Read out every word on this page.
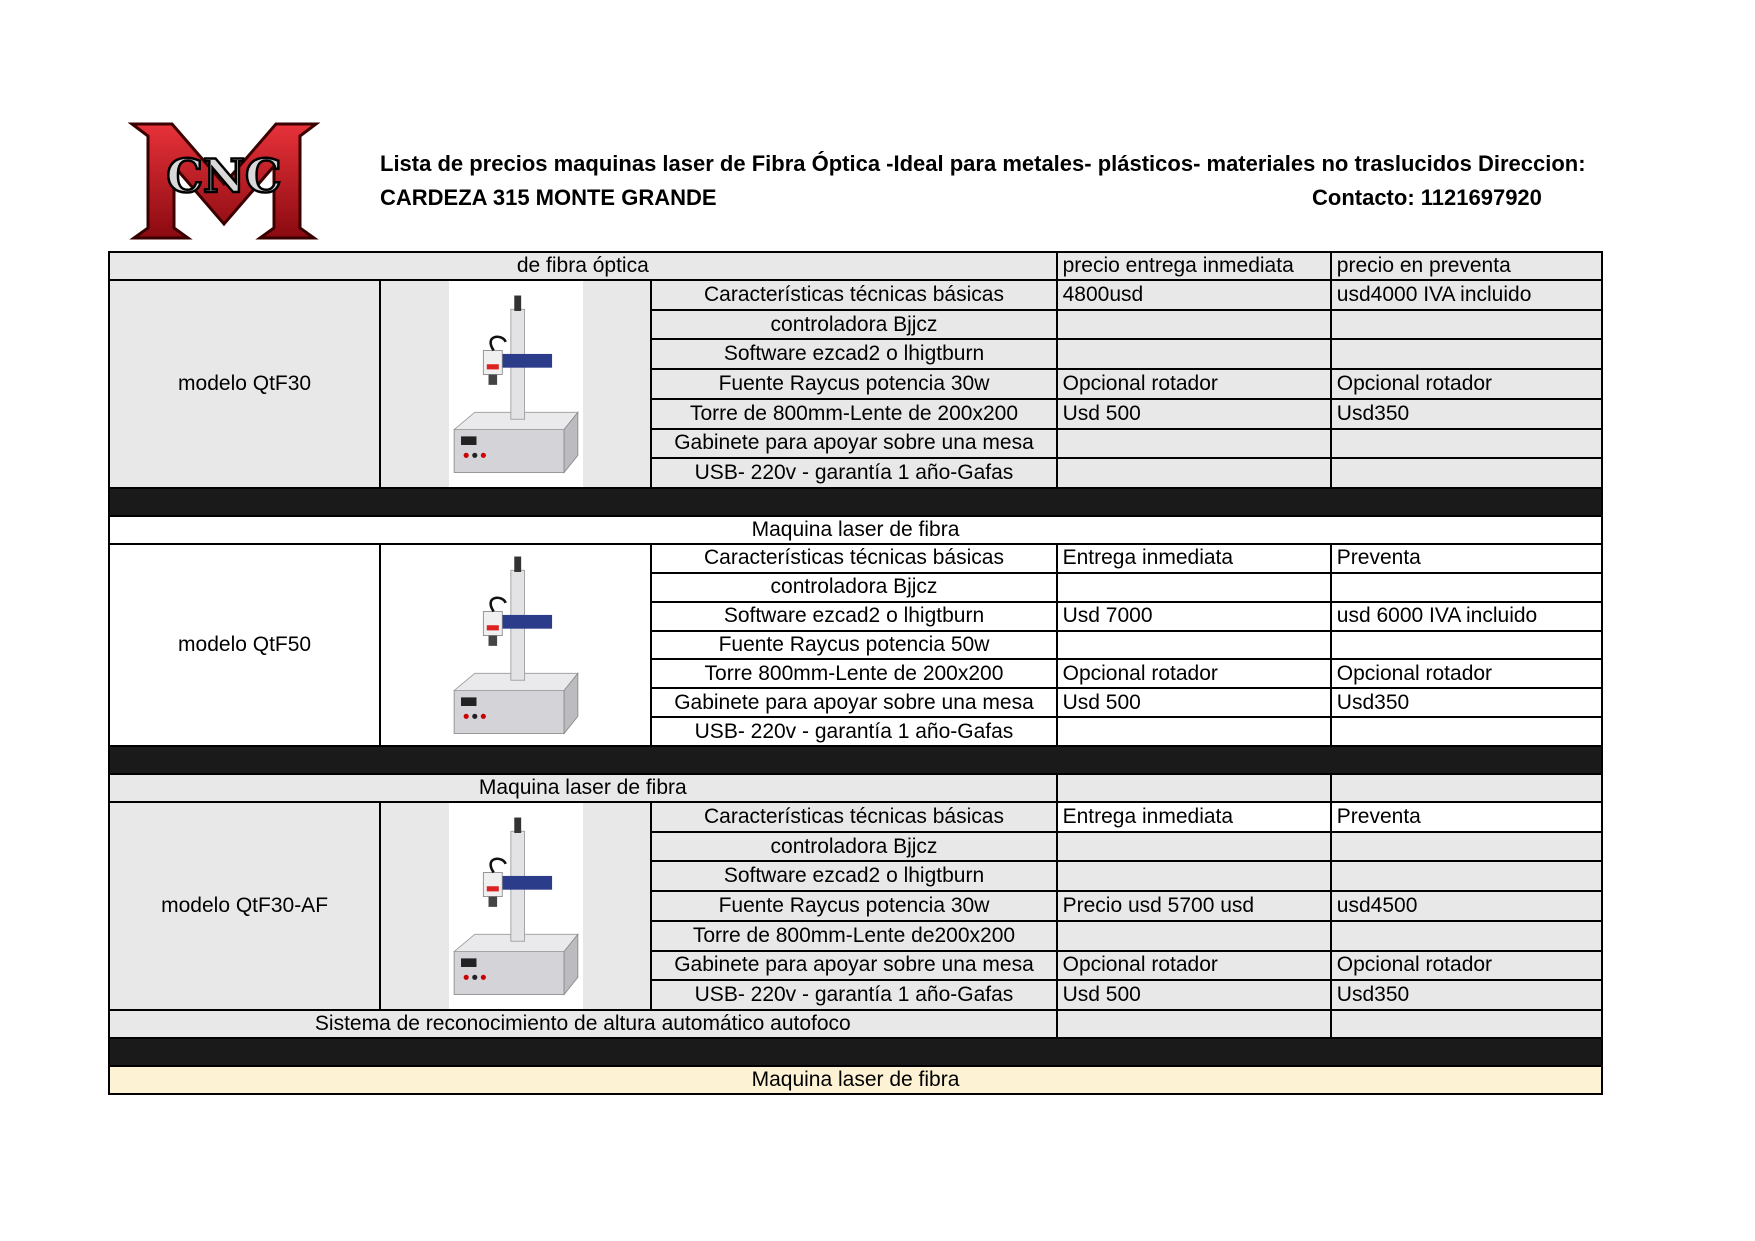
CNC	Lista de precios maquinas laser de Fibra Óptica -Ideal para metales- plásticos- materiales no traslucidos Direccion:
CARDEZA 315 MONTE GRANDE	Contacto: 1121697920
de fibra óptica			precio entrega inmediata	precio en preventa
modelo QtF30		Características técnicas básicas	4800usd	usd4000 IVA incluido
		controladora Bjjcz		
		Software ezcad2 o lhigtburn		
		Fuente Raycus potencia 30w	Opcional rotador	Opcional rotador
		Torre de 800mm-Lente de 200x200	Usd 500	Usd350
		Gabinete para apoyar sobre una mesa		
		USB- 220v - garantía 1 año-Gafas		

Maquina laser de fibra				
modelo QtF50		Características técnicas básicas	Entrega inmediata	Preventa
		controladora Bjjcz		
		Software ezcad2 o lhigtburn	Usd 7000	usd 6000 IVA incluido
		Fuente Raycus potencia 50w		
		Torre 800mm-Lente de 200x200	Opcional rotador	Opcional rotador
		Gabinete para apoyar sobre una mesa	Usd 500	Usd350
		USB- 220v - garantía 1 año-Gafas		

Maquina laser de fibra				
modelo QtF30-AF		Características técnicas básicas	Entrega inmediata	Preventa
		controladora Bjjcz		
		Software ezcad2 o lhigtburn		
		Fuente Raycus potencia 30w	Precio usd 5700 usd	usd4500
		Torre de 800mm-Lente de200x200		
		Gabinete para apoyar sobre una mesa	Opcional rotador	Opcional rotador
		USB- 220v - garantía 1 año-Gafas	Usd 500	Usd350
Sistema de reconocimiento de altura automático autofoco				

Maquina laser de fibra				
